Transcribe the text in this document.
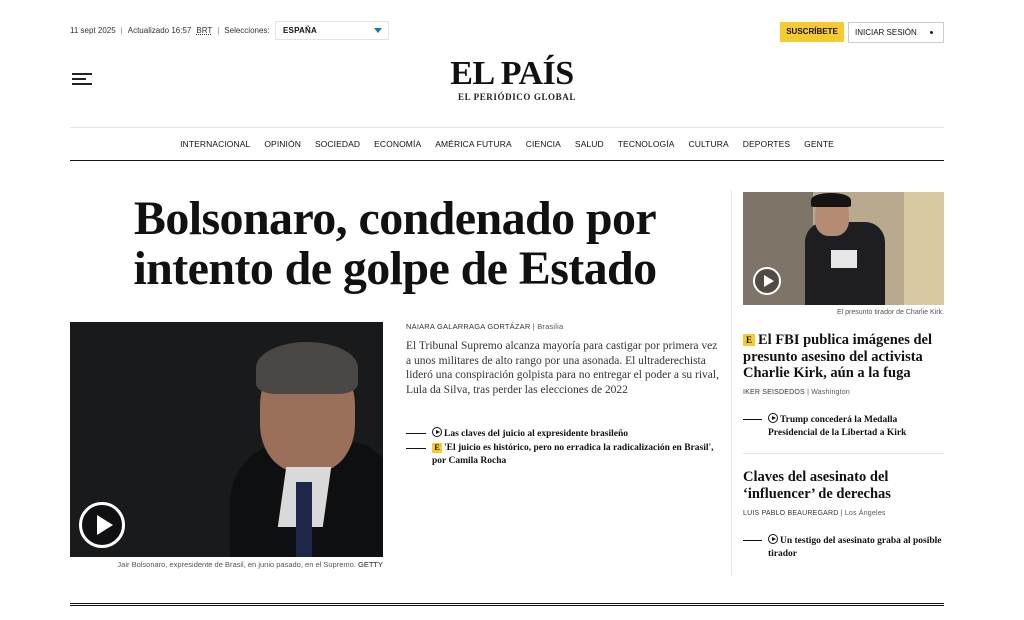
11 sept 2025 | Actualizado 16:57 BRT | Selecciones:	ESPAÑA	SUSCRÍBETE	INICIAR SESIÓN
EL PAÍS
EL PERIÓDICO GLOBAL
INTERNACIONAL OPINIÓN SOCIEDAD ECONOMÍA AMÉRICA FUTURA CIENCIA SALUD TECNOLOGÍA CULTURA DEPORTES GENTE
Bolsonaro, condenado por intento de golpe de Estado
Jair Bolsonaro, expresidente de Brasil, en junio pasado, en el Supremo. GETTY
NAIARA GALARRAGA GORTÁZAR | Brasilia

El Tribunal Supremo alcanza mayoría para castigar por primera vez a unos militares de alto rango por una asonada. El ultraderechista lideró una conspiración golpista para no entregar el poder a su rival, Lula da Silva, tras perder las elecciones de 2022

Las claves del juicio al expresidente brasileño
E 'El juicio es histórico, pero no erradica la radicalización en Brasil', por Camila Rocha
El presunto tirador de Charlie Kirk.
E El FBI publica imágenes del presunto asesino del activista Charlie Kirk, aún a la fuga
IKER SEISDEDOS | Washington
Trump concederá la Medalla Presidencial de la Libertad a Kirk
Claves del asesinato del ‘influencer’ de derechas
LUIS PABLO BEAUREGARD | Los Ángeles
Un testigo del asesinato graba al posible tirador
